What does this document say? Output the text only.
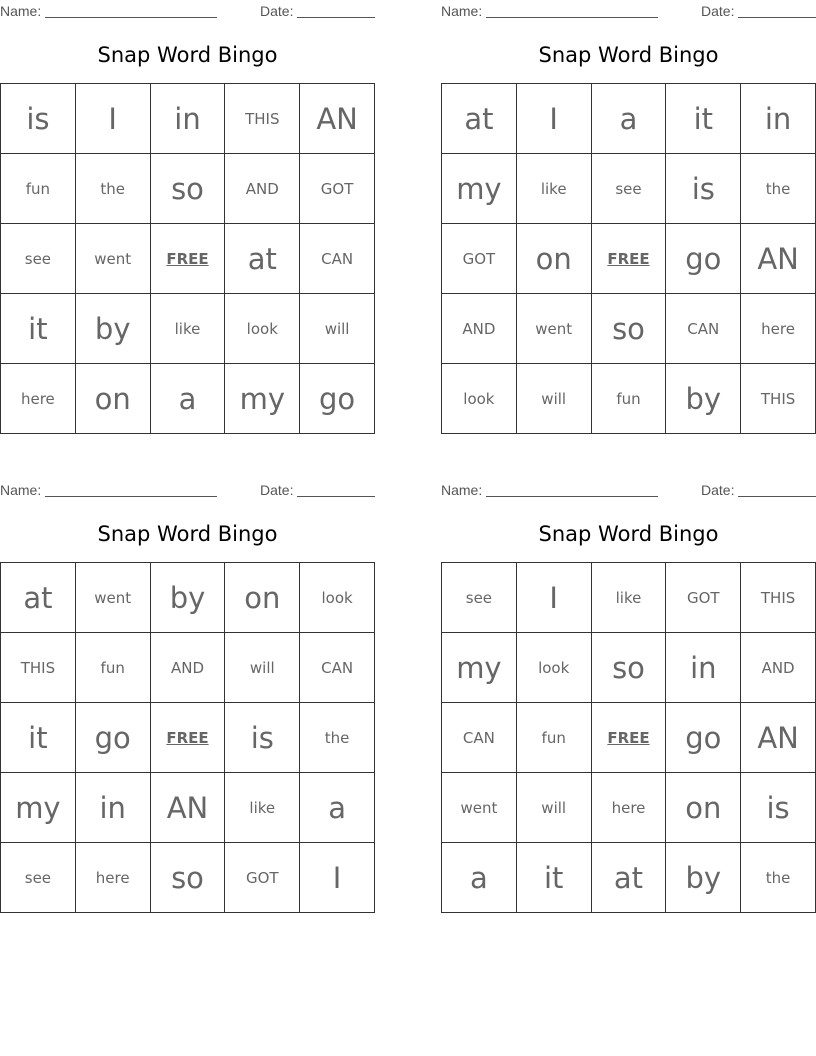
Name:	Date:
Snap Word Bingo
is	I	in	THIS	AN
fun	the	so	AND	GOT
see	went	FREE	at	CAN
it	by	like	look	will
here	on	a	my	go
Name:	Date:
Snap Word Bingo
at	I	a	it	in
my	like	see	is	the
GOT	on	FREE	go	AN
AND	went	so	CAN	here
look	will	fun	by	THIS
Name:	Date:
Snap Word Bingo
at	went	by	on	look
THIS	fun	AND	will	CAN
it	go	FREE	is	the
my	in	AN	like	a
see	here	so	GOT	I
Name:	Date:
Snap Word Bingo
see	I	like	GOT	THIS
my	look	so	in	AND
CAN	fun	FREE	go	AN
went	will	here	on	is
a	it	at	by	the
